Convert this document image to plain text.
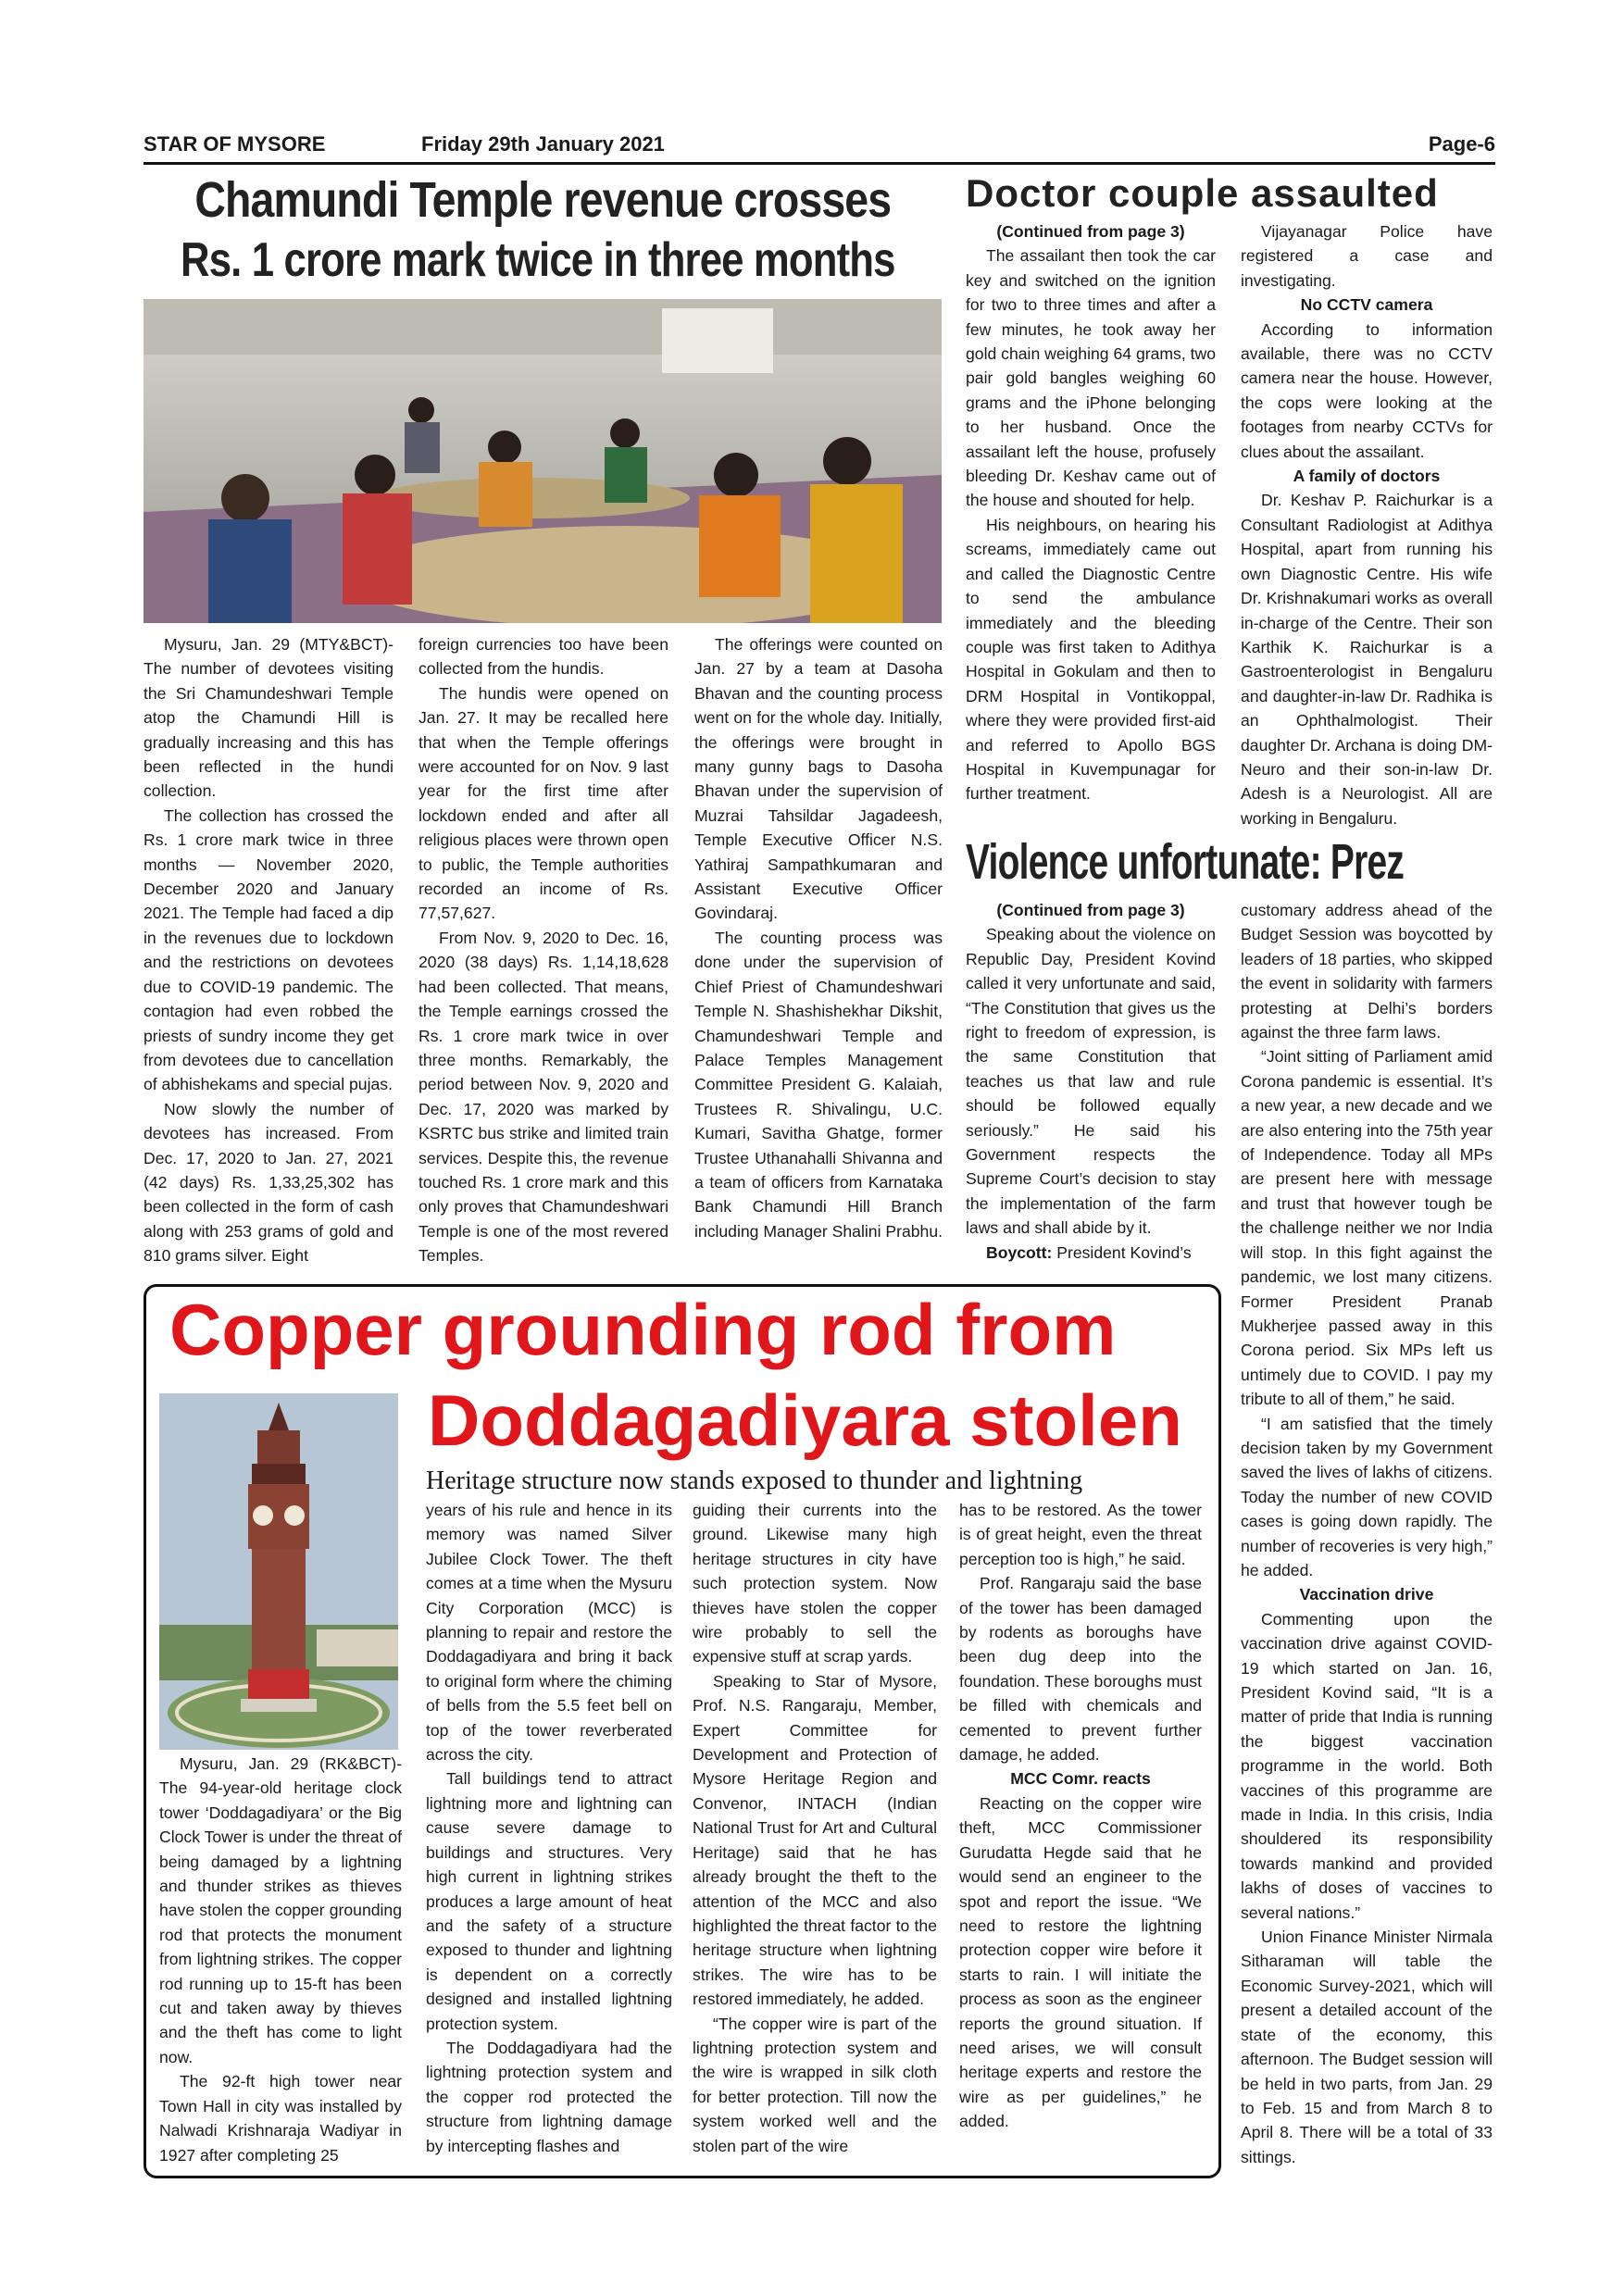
STAR OF MYSORE	Friday 29th January 2021	Page-6
Chamundi Temple revenue crosses
Rs. 1 crore mark twice in three months

Mysuru, Jan. 29 (MTY&BCT)- The number of devotees visiting the Sri Chamundeshwari Temple atop the Chamundi Hill is gradually increasing and this has been reflected in the hundi collection.

The collection has crossed the Rs. 1 crore mark twice in three months — November 2020, December 2020 and January 2021. The Temple had faced a dip in the revenues due to lockdown and the restrictions on devotees due to COVID-19 pandemic. The contagion had even robbed the priests of sundry income they get from devotees due to cancellation of abhishekams and special pujas.

Now slowly the number of devotees has increased. From Dec. 17, 2020 to Jan. 27, 2021 (42 days) Rs. 1,33,25,302 has been collected in the form of cash along with 253 grams of gold and 810 grams silver. Eight

foreign currencies too have been collected from the hundis.

The hundis were opened on Jan. 27. It may be recalled here that when the Temple offerings were accounted for on Nov. 9 last year for the first time after lockdown ended and after all religious places were thrown open to public, the Temple authorities recorded an income of Rs. 77,57,627.

From Nov. 9, 2020 to Dec. 16, 2020 (38 days) Rs. 1,14,18,628 had been collected. That means, the Temple earnings crossed the Rs. 1 crore mark twice in over three months. Remarkably, the period between Nov. 9, 2020 and Dec. 17, 2020 was marked by KSRTC bus strike and limited train services. Despite this, the revenue touched Rs. 1 crore mark and this only proves that Chamundeshwari Temple is one of the most revered Temples.

The offerings were counted on Jan. 27 by a team at Dasoha Bhavan and the counting process went on for the whole day. Initially, the offerings were brought in many gunny bags to Dasoha Bhavan under the supervision of Muzrai Tahsildar Jagadeesh, Temple Executive Officer N.S. Yathiraj Sampathkumaran and Assistant Executive Officer Govindaraj.

The counting process was done under the supervision of Chief Priest of Chamundeshwari Temple N. Shashishekhar Dikshit, Chamundeshwari Temple and Palace Temples Management Committee President G. Kalaiah, Trustees R. Shivalingu, U.C. Kumari, Savitha Ghatge, former Trustee Uthanahalli Shivanna and a team of officers from Karnataka Bank Chamundi Hill Branch including Manager Shalini Prabhu.

Doctor couple assaulted

(Continued from page 3)

The assailant then took the car key and switched on the ignition for two to three times and after a few minutes, he took away her gold chain weighing 64 grams, two pair gold bangles weighing 60 grams and the iPhone belonging to her husband. Once the assailant left the house, profusely bleeding Dr. Keshav came out of the house and shouted for help.

His neighbours, on hearing his screams, immediately came out and called the Diagnostic Centre to send the ambulance immediately and the bleeding couple was first taken to Adithya Hospital in Gokulam and then to DRM Hospital in Vontikoppal, where they were provided first-aid and referred to Apollo BGS Hospital in Kuvempunagar for further treatment.

Vijayanagar Police have registered a case and investigating.

No CCTV camera

According to information available, there was no CCTV camera near the house. However, the cops were looking at the footages from nearby CCTVs for clues about the assailant.

A family of doctors

Dr. Keshav P. Raichurkar is a Consultant Radiologist at Adithya Hospital, apart from running his own Diagnostic Centre. His wife Dr. Krishnakumari works as overall in-charge of the Centre. Their son Karthik K. Raichurkar is a Gastroenterologist in Bengaluru and daughter-in-law Dr. Radhika is an Ophthalmologist. Their daughter Dr. Archana is doing DM-Neuro and their son-in-law Dr. Adesh is a Neurologist. All are working in Bengaluru.

Violence unfortunate: Prez

(Continued from page 3)

Speaking about the violence on Republic Day, President Kovind called it very unfortunate and said, “The Constitution that gives us the right to freedom of expression, is the same Constitution that teaches us that law and rule should be followed equally seriously.” He said his Government respects the Supreme Court’s decision to stay the implementation of the farm laws and shall abide by it.

Boycott: President Kovind’s

customary address ahead of the Budget Session was boycotted by leaders of 18 parties, who skipped the event in solidarity with farmers protesting at Delhi’s borders against the three farm laws.

“Joint sitting of Parliament amid Corona pandemic is essential. It’s a new year, a new decade and we are also entering into the 75th year of Independence. Today all MPs are present here with message and trust that however tough be the challenge neither we nor India will stop. In this fight against the pandemic, we lost many citizens. Former President Pranab Mukherjee passed away in this Corona period. Six MPs left us untimely due to COVID. I pay my tribute to all of them,” he said.

“I am satisfied that the timely decision taken by my Government saved the lives of lakhs of citizens. Today the number of new COVID cases is going down rapidly. The number of recoveries is very high,” he added.

Vaccination drive

Commenting upon the vaccination drive against COVID-19 which started on Jan. 16, President Kovind said, “It is a matter of pride that India is running the biggest vaccination programme in the world. Both vaccines of this programme are made in India. In this crisis, India shouldered its responsibility towards mankind and provided lakhs of doses of vaccines to several nations.”

Union Finance Minister Nirmala Sitharaman will table the Economic Survey-2021, which will present a detailed account of the state of the economy, this afternoon. The Budget session will be held in two parts, from Jan. 29 to Feb. 15 and from March 8 to April 8. There will be a total of 33 sittings.

Copper grounding rod from
Doddagadiyara stolen
Heritage structure now stands exposed to thunder and lightning

Mysuru, Jan. 29 (RK&BCT)- The 94-year-old heritage clock tower ‘Doddagadiyara’ or the Big Clock Tower is under the threat of being damaged by a lightning and thunder strikes as thieves have stolen the copper grounding rod that protects the monument from lightning strikes. The copper rod running up to 15-ft has been cut and taken away by thieves and the theft has come to light now.

The 92-ft high tower near Town Hall in city was installed by Nalwadi Krishnaraja Wadiyar in 1927 after completing 25

years of his rule and hence in its memory was named Silver Jubilee Clock Tower. The theft comes at a time when the Mysuru City Corporation (MCC) is planning to repair and restore the Doddagadiyara and bring it back to original form where the chiming of bells from the 5.5 feet bell on top of the tower reverberated across the city.

Tall buildings tend to attract lightning more and lightning can cause severe damage to buildings and structures. Very high current in lightning strikes produces a large amount of heat and the safety of a structure exposed to thunder and lightning is dependent on a correctly designed and installed lightning protection system.

The Doddagadiyara had the lightning protection system and the copper rod protected the structure from lightning damage by intercepting flashes and

guiding their currents into the ground. Likewise many high heritage structures in city have such protection system. Now thieves have stolen the copper wire probably to sell the expensive stuff at scrap yards.

Speaking to Star of Mysore, Prof. N.S. Rangaraju, Member, Expert Committee for Development and Protection of Mysore Heritage Region and Convenor, INTACH (Indian National Trust for Art and Cultural Heritage) said that he has already brought the theft to the attention of the MCC and also highlighted the threat factor to the heritage structure when lightning strikes. The wire has to be restored immediately, he added.

“The copper wire is part of the lightning protection system and the wire is wrapped in silk cloth for better protection. Till now the system worked well and the stolen part of the wire

has to be restored. As the tower is of great height, even the threat perception too is high,” he said.

Prof. Rangaraju said the base of the tower has been damaged by rodents as boroughs have been dug deep into the foundation. These boroughs must be filled with chemicals and cemented to prevent further damage, he added.

MCC Comr. reacts

Reacting on the copper wire theft, MCC Commissioner Gurudatta Hegde said that he would send an engineer to the spot and report the issue. “We need to restore the lightning protection copper wire before it starts to rain. I will initiate the process as soon as the engineer reports the ground situation. If need arises, we will consult heritage experts and restore the wire as per guidelines,” he added.
